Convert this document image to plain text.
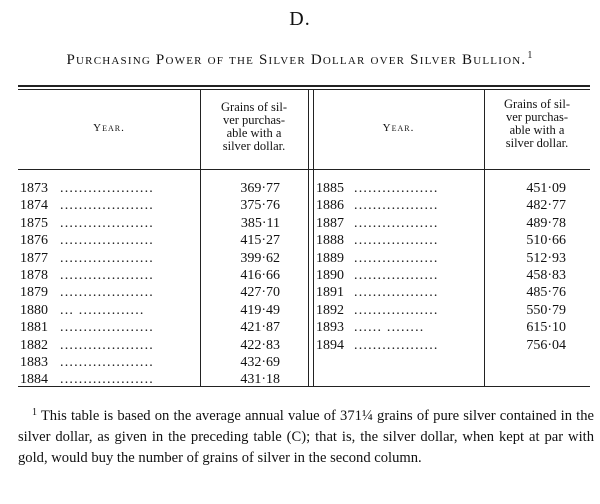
D.
Purchasing Power of the Silver Dollar over Silver Bullion.$^1$
Year.
Grains of sil-
ver purchas-
able with a
silver dollar.
Year.
Grains of sil-
ver purchas-
able with a
silver dollar.
1873 ....................	369·77
1874 ....................	375·76
1875 ....................	385·11
1876 ....................	415·27
1877 ....................	399·62
1878 ....................	416·66
1879 ....................	427·70
1880 ... ..............	419·49
1881 ....................	421·87
1882 ....................	422·83
1883 ....................	432·69
1884 ....................	431·18
1885 ..................	451·09
1886 ..................	482·77
1887 ..................	489·78
1888 ..................	510·66
1889 ..................	512·93
1890 ..................	458·83
1891 ..................	485·76
1892 ..................	550·79
1893 ...... ........	615·10
1894 ..................	756·04
$^1$ This table is based on the average annual value of 371¼ grains of pure silver contained in the silver dollar, as given in the preceding table (C); that is, the silver dollar, when kept at par with gold, would buy the number of grains of silver in the second column.
